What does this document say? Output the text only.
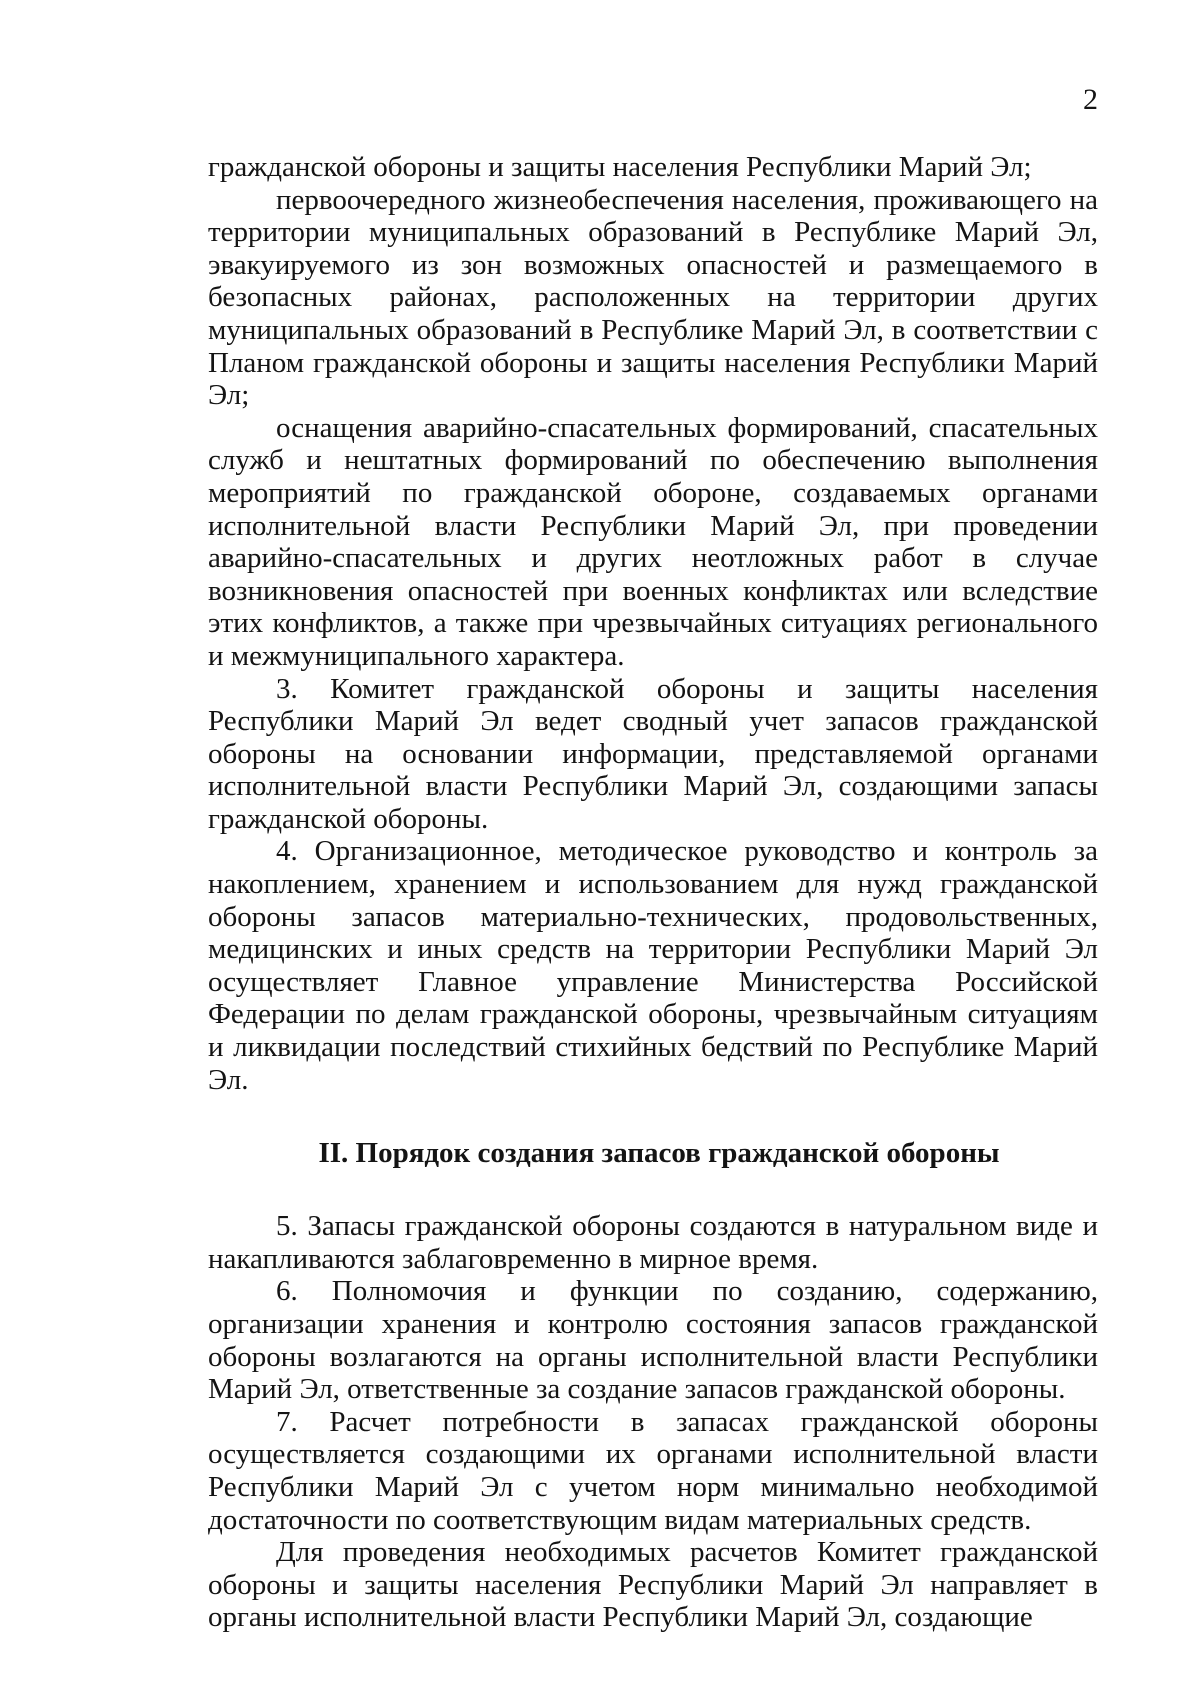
2

гражданской обороны и защиты населения Республики Марий Эл;

первоочередного жизнеобеспечения населения, проживающего на территории муниципальных образований в Республике Марий Эл, эвакуируемого из зон возможных опасностей и размещаемого в безопасных районах, расположенных на территории других муниципальных образований в Республике Марий Эл, в соответствии с Планом гражданской обороны и защиты населения Республики Марий Эл;

оснащения аварийно-спасательных формирований, спасательных служб и нештатных формирований по обеспечению выполнения мероприятий по гражданской обороне, создаваемых органами исполнительной власти Республики Марий Эл, при проведении аварийно-спасательных и других неотложных работ в случае возникновения опасностей при военных конфликтах или вследствие этих конфликтов, а также при чрезвычайных ситуациях регионального и межмуниципального характера.

3. Комитет гражданской обороны и защиты населения Республики Марий Эл ведет сводный учет запасов гражданской обороны на основании информации, представляемой органами исполнительной власти Республики Марий Эл, создающими запасы гражданской обороны.

4. Организационное, методическое руководство и контроль за накоплением, хранением и использованием для нужд гражданской обороны запасов материально-технических, продовольственных, медицинских и иных средств на территории Республики Марий Эл осуществляет Главное управление Министерства Российской Федерации по делам гражданской обороны, чрезвычайным ситуациям и ликвидации последствий стихийных бедствий по Республике Марий Эл.

II. Порядок создания запасов гражданской обороны

5. Запасы гражданской обороны создаются в натуральном виде и накапливаются заблаговременно в мирное время.

6. Полномочия и функции по созданию, содержанию, организации хранения и контролю состояния запасов гражданской обороны возлагаются на органы исполнительной власти Республики Марий Эл, ответственные за создание запасов гражданской обороны.

7. Расчет потребности в запасах гражданской обороны осуществляется создающими их органами исполнительной власти Республики Марий Эл с учетом норм минимально необходимой достаточности по соответствующим видам материальных средств.

Для проведения необходимых расчетов Комитет гражданской обороны и защиты населения Республики Марий Эл направляет в органы исполнительной власти Республики Марий Эл, создающие
